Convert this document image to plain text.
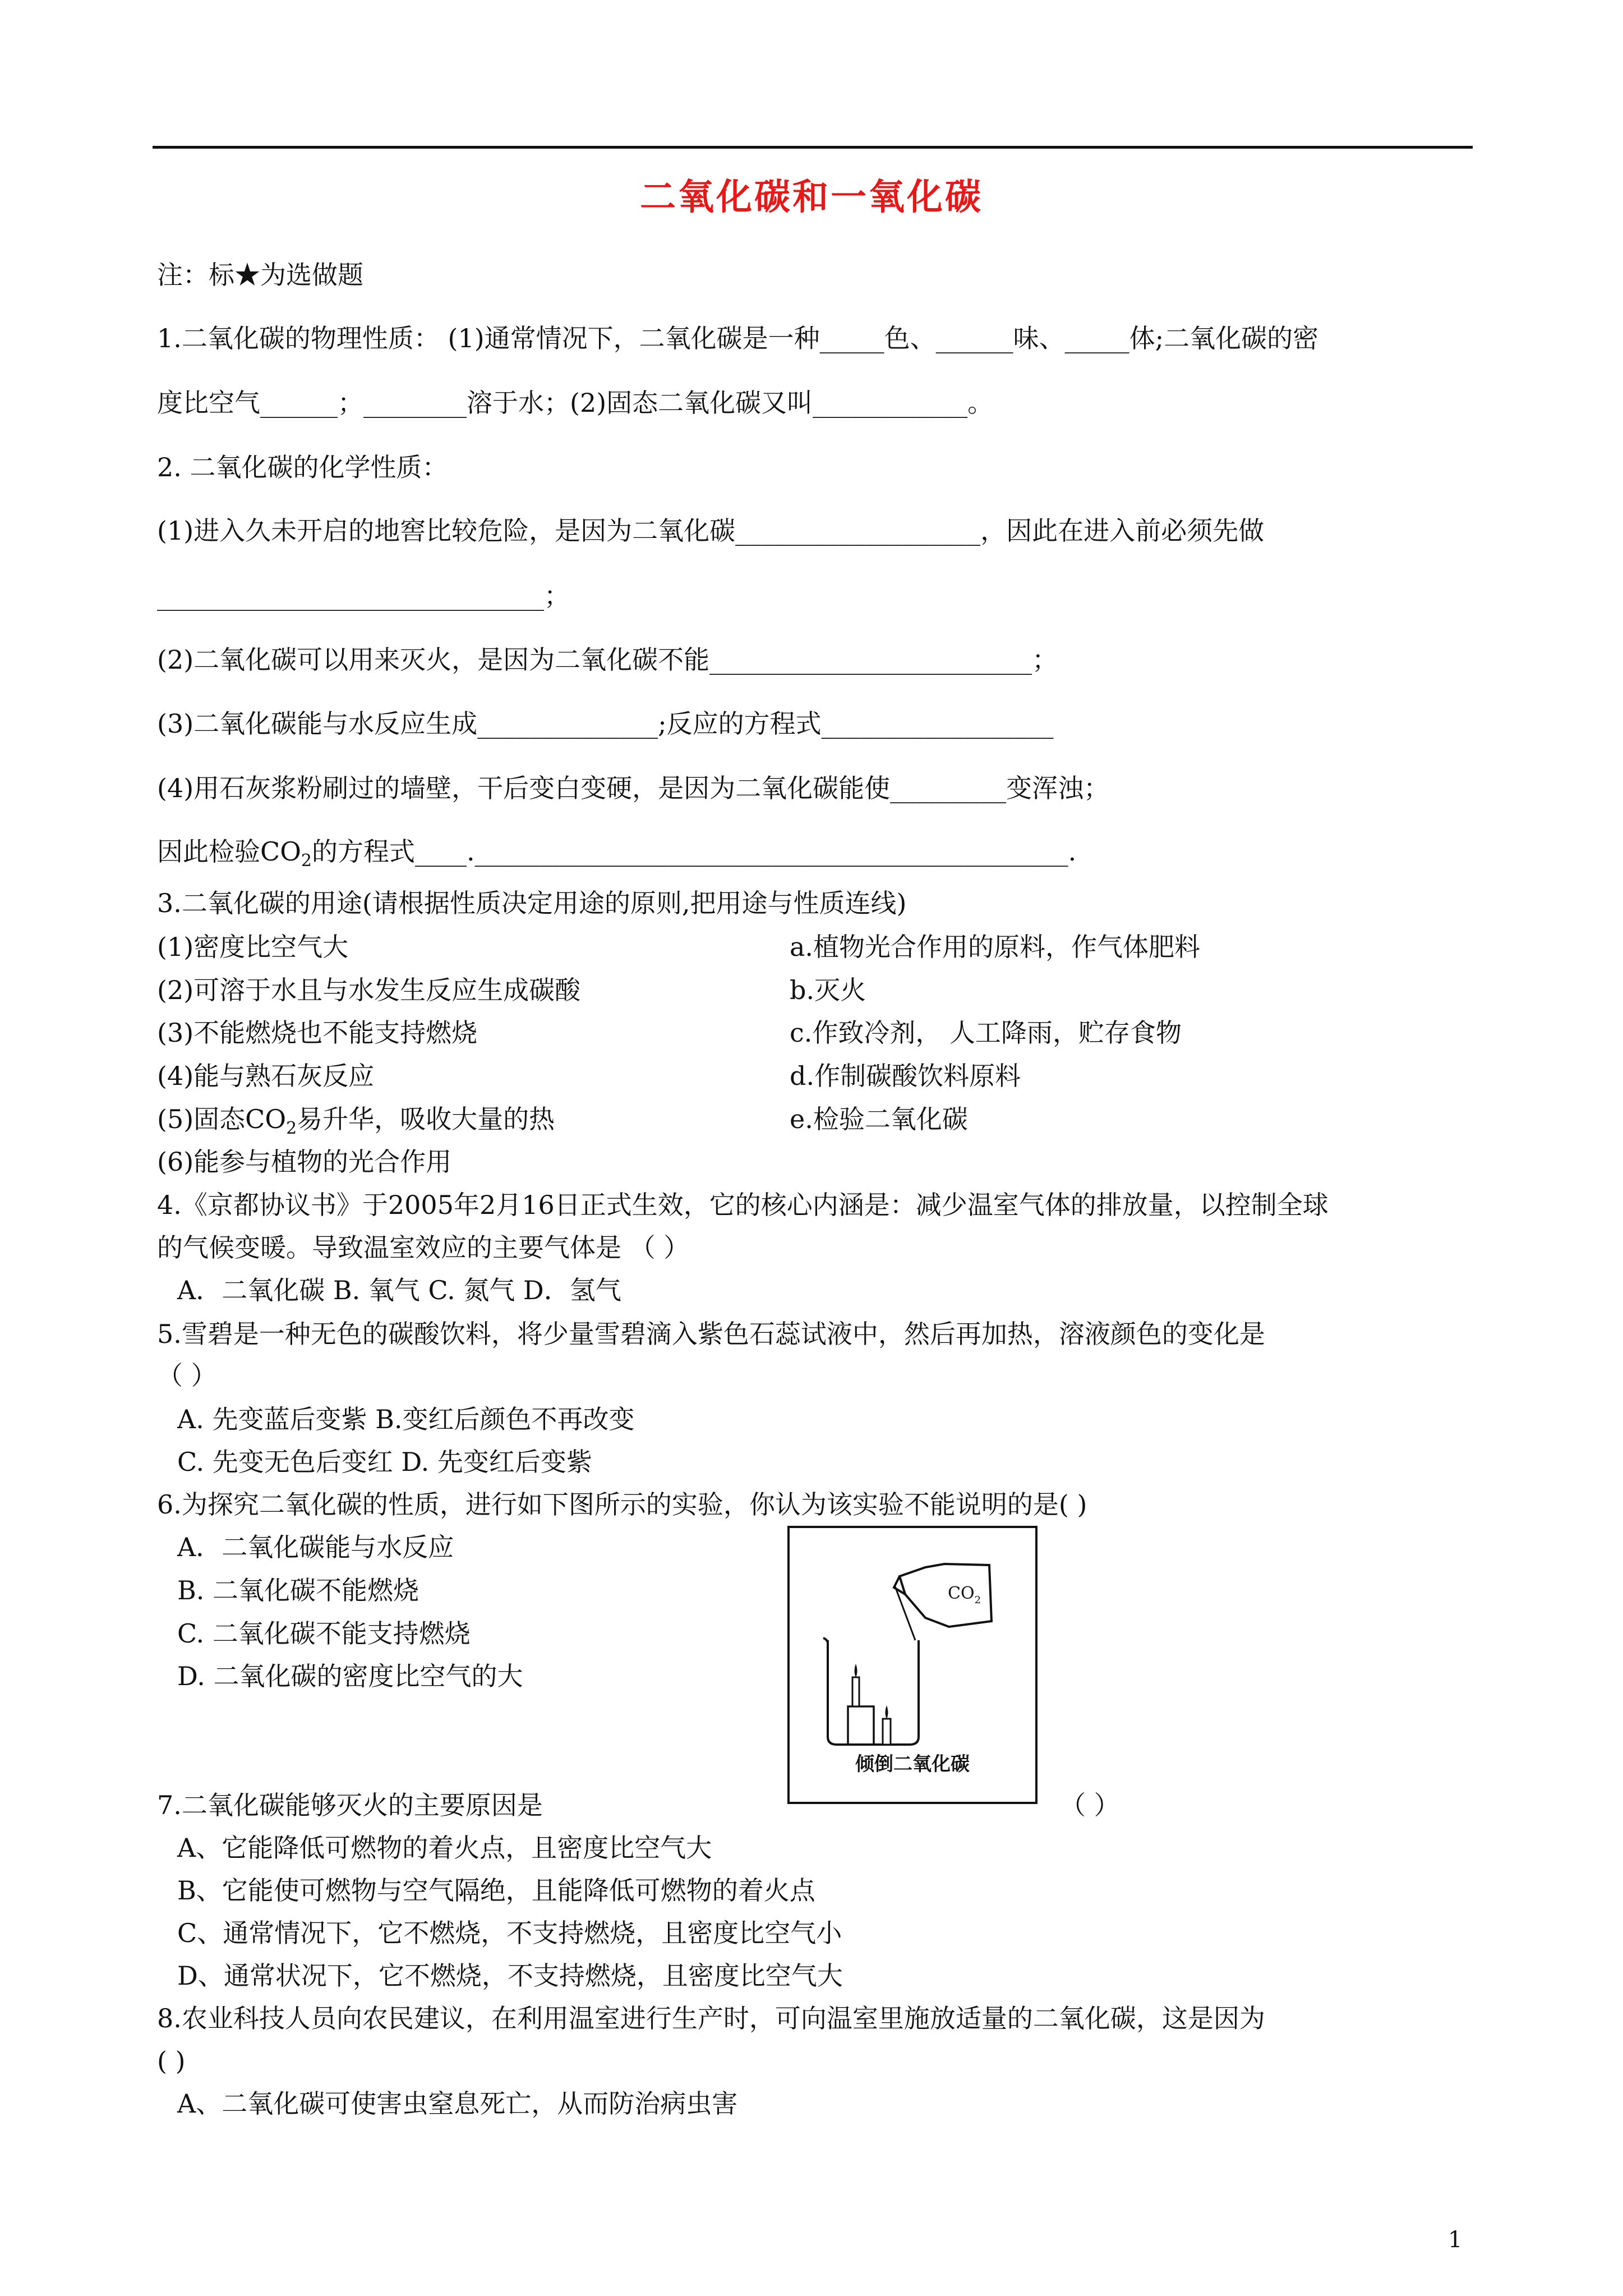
二氧化碳和一氧化碳
注：标★为选做题
1.二氧化碳的物理性质： (1)通常情况下，二氧化碳是一种_____色、______味、_____体;二氧化碳的密
度比空气______；________溶于水；(2)固态二氧化碳又叫____________。
2. 二氧化碳的化学性质：
(1)进入久未开启的地窖比较危险，是因为二氧化碳___________________，因此在进入前必须先做
______________________________；
(2)二氧化碳可以用来灭火，是因为二氧化碳不能_________________________；
(3)二氧化碳能与水反应生成______________;反应的方程式__________________
(4)用石灰浆粉刷过的墙壁，干后变白变硬，是因为二氧化碳能使_________变浑浊；
因此检验$CO_2$的方程式____.______________________________________________.
3.二氧化碳的用途(请根据性质决定用途的原则,把用途与性质连线)
(1)密度比空气大
(2)可溶于水且与水发生反应生成碳酸
(3)不能燃烧也不能支持燃烧
(4)能与熟石灰反应
(5)固态$CO_2$易升华，吸收大量的热
(6)能参与植物的光合作用
a.植物光合作用的原料，作气体肥料
b.灭火
c.作致冷剂， 人工降雨，贮存食物
d.作制碳酸饮料原料
e.检验二氧化碳
4.《京都协议书》于2005年2月16日正式生效，它的核心内涵是：减少温室气体的排放量，以控制全球
的气候变暖。导致温室效应的主要气体是 （ ）
A．二氧化碳 B. 氧气 C. 氮气 D．氢气
5.雪碧是一种无色的碳酸饮料，将少量雪碧滴入紫色石蕊试液中，然后再加热，溶液颜色的变化是
（ ）
A. 先变蓝后变紫 B.变红后颜色不再改变
C. 先变无色后变红 D. 先变红后变紫
6.为探究二氧化碳的性质，进行如下图所示的实验，你认为该实验不能说明的是( )
A．二氧化碳能与水反应
B. 二氧化碳不能燃烧
C. 二氧化碳不能支持燃烧
D. 二氧化碳的密度比空气的大
$CO_2$
倾倒二氧化碳
7.二氧化碳能够灭火的主要原因是	（ ）
A、它能降低可燃物的着火点，且密度比空气大
B、它能使可燃物与空气隔绝，且能降低可燃物的着火点
C、通常情况下，它不燃烧，不支持燃烧，且密度比空气小
D、通常状况下，它不燃烧，不支持燃烧，且密度比空气大
8.农业科技人员向农民建议，在利用温室进行生产时，可向温室里施放适量的二氧化碳，这是因为
( )
A、二氧化碳可使害虫窒息死亡，从而防治病虫害
1
